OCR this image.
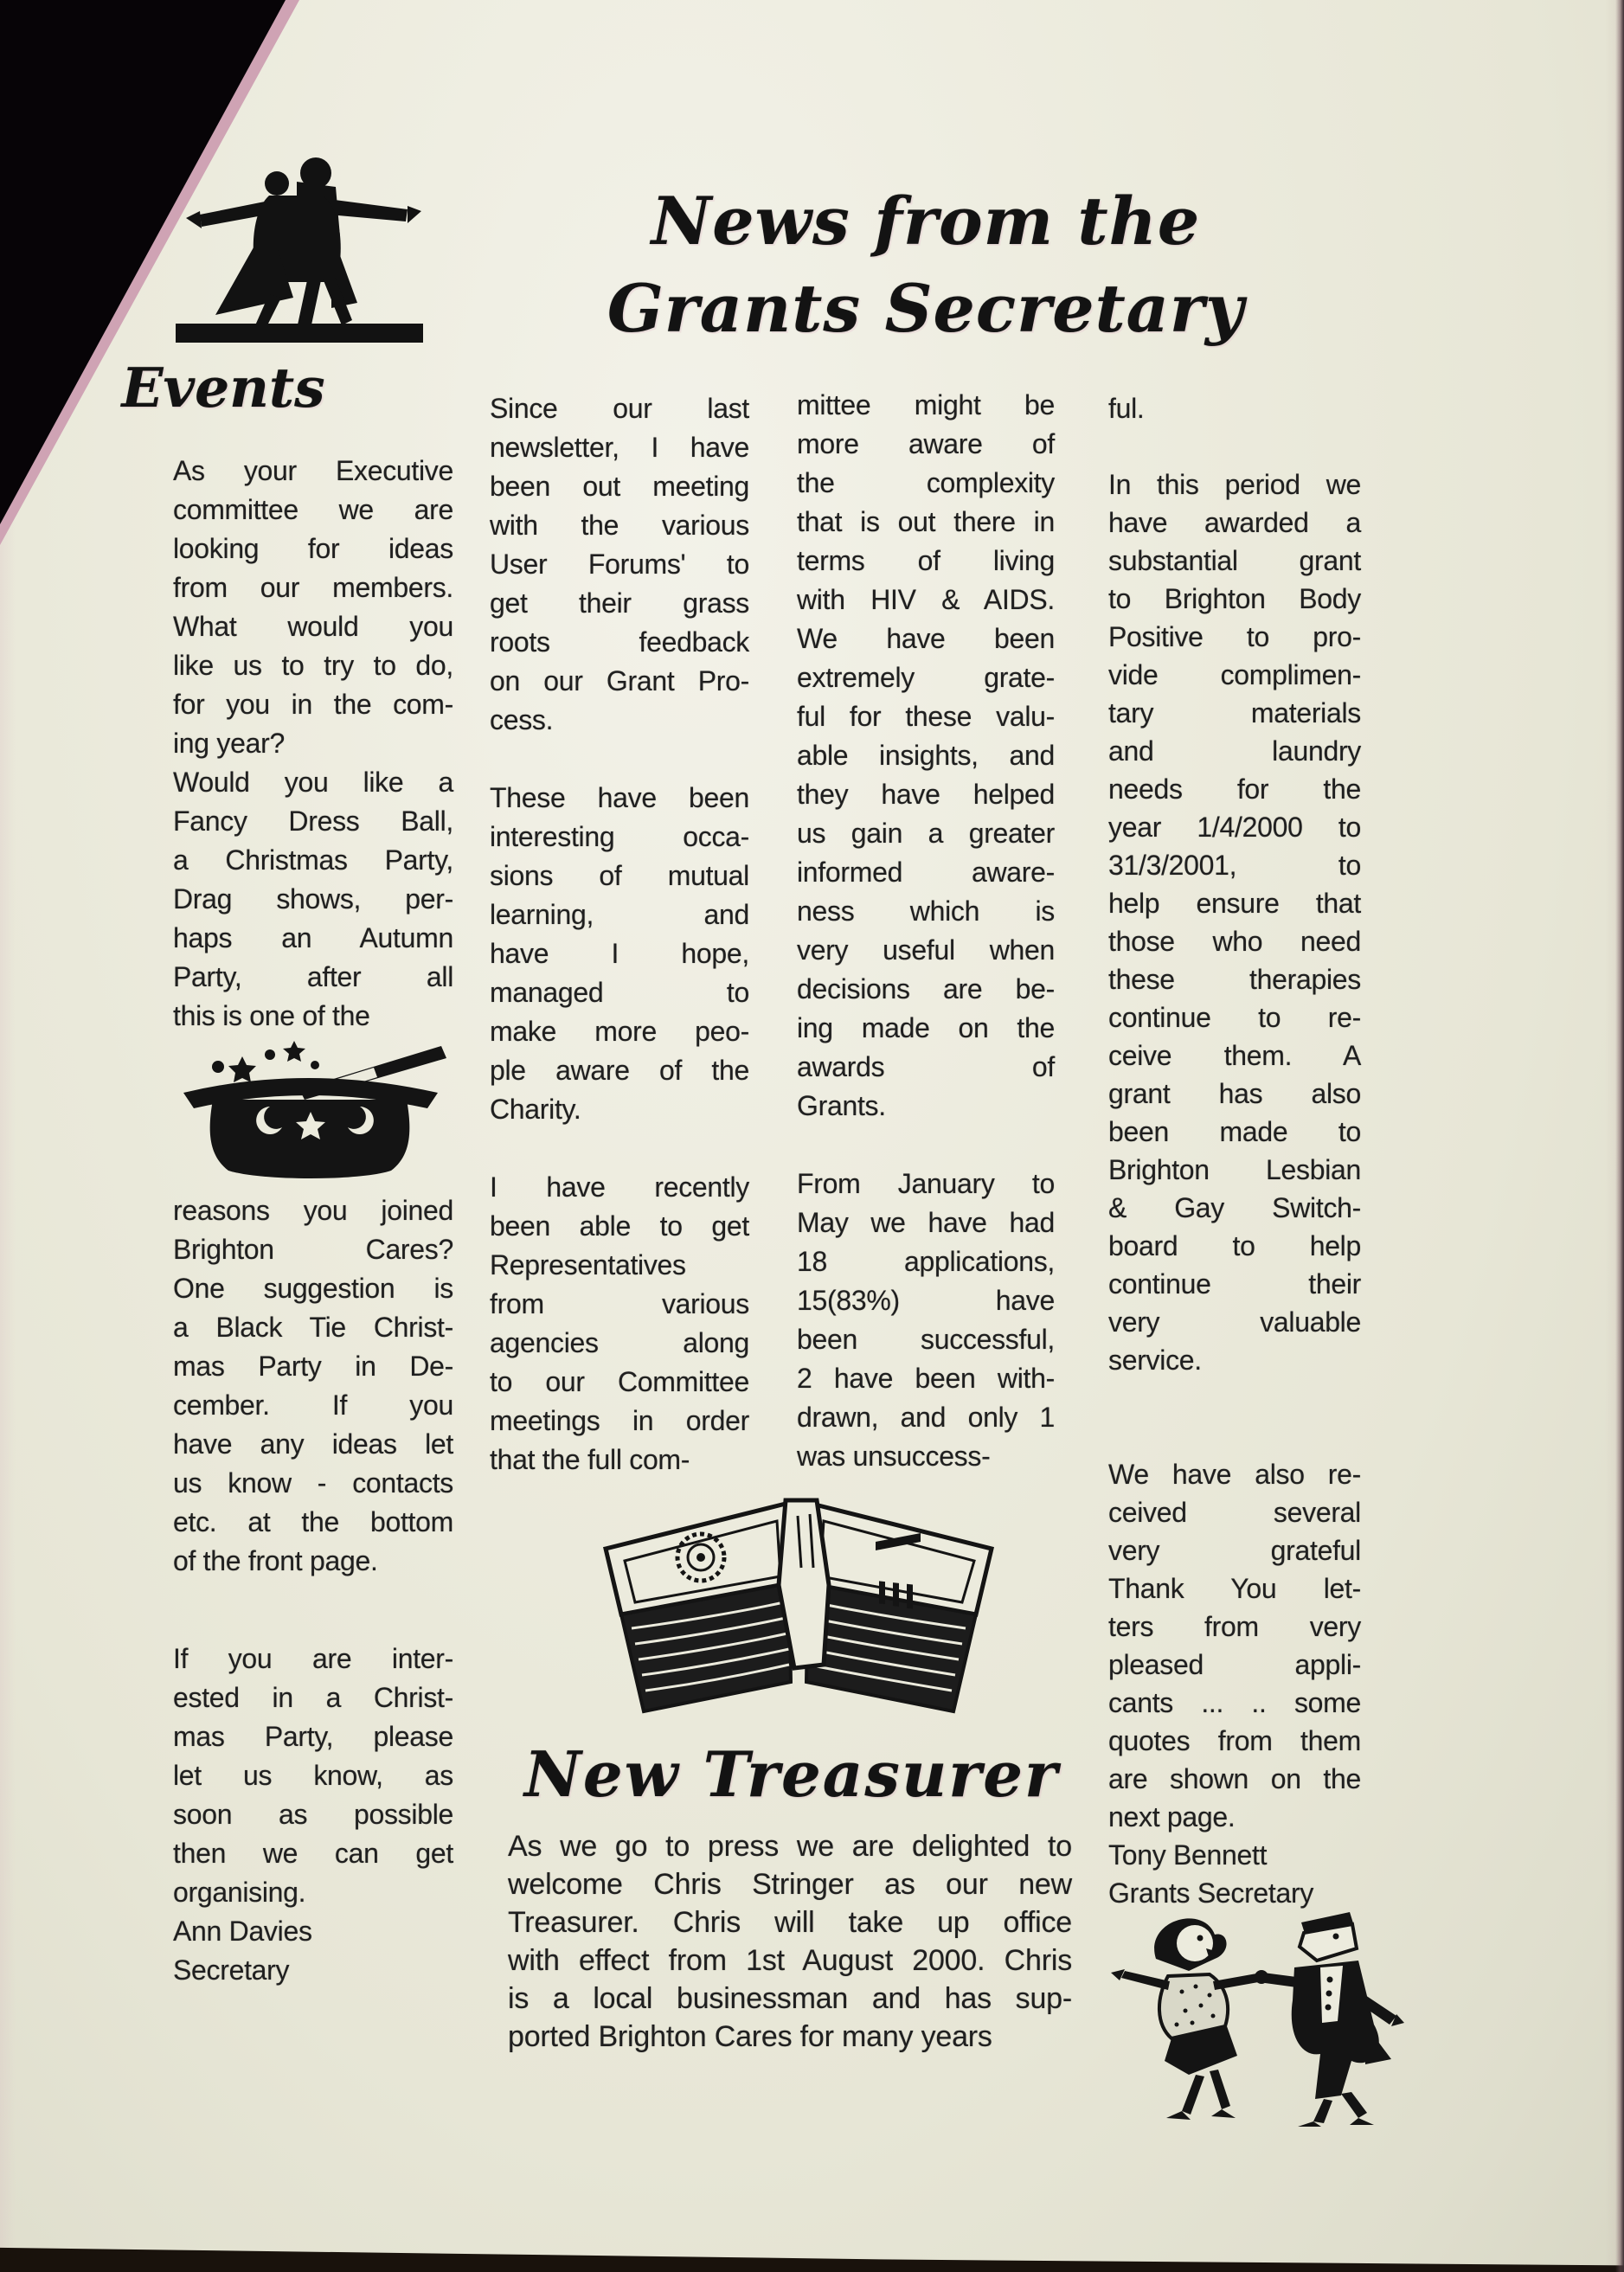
News from the
Grants Secretary
Events
As your Executive
committee we are
looking for ideas
from our members.
What would you
like us to try to do,
for you in the com-
ing year?
Would you like a
Fancy Dress Ball,
a Christmas Party,
Drag shows, per-
haps an Autumn
Party, after all
this is one of the
reasons you joined
Brighton Cares?
One suggestion is
a Black Tie Christ-
mas Party in De-
cember. If you
have any ideas let
us know - contacts
etc. at the bottom
of the front page.
If you are inter-
ested in a Christ-
mas Party, please
let us know, as
soon as possible
then we can get
organising.
Ann Davies
Secretary
Since our last
newsletter, I have
been out meeting
with the various
User Forums' to
get their grass
roots feedback
on our Grant Pro-
cess.
These have been
interesting occa-
sions of mutual
learning, and
have I hope,
managed to
make more peo-
ple aware of the
Charity.
I have recently
been able to get
Representatives
from various
agencies along
to our Committee
meetings in order
that the full com-
mittee might be
more aware of
the complexity
that is out there in
terms of living
with HIV & AIDS.
We have been
extremely grate-
ful for these valu-
able insights, and
they have helped
us gain a greater
informed aware-
ness which is
very useful when
decisions are be-
ing made on the
awards of
Grants.
From January to
May we have had
18 applications,
15(83%) have
been successful,
2 have been with-
drawn, and only 1
was unsuccess-
ful.
In this period we
have awarded a
substantial grant
to Brighton Body
Positive to pro-
vide complimen-
tary materials
and laundry
needs for the
year 1/4/2000 to
31/3/2001, to
help ensure that
those who need
these therapies
continue to re-
ceive them. A
grant has also
been made to
Brighton Lesbian
& Gay Switch-
board to help
continue their
very valuable
service.
We have also re-
ceived several
very grateful
Thank You let-
ters from very
pleased appli-
cants ... .. some
quotes from them
are shown on the
next page.
Tony Bennett
Grants Secretary
New Treasurer
As we go to press we are delighted to
welcome Chris Stringer as our new
Treasurer. Chris will take up office
with effect from 1st August 2000. Chris
is a local businessman and has sup-
ported Brighton Cares for many years
